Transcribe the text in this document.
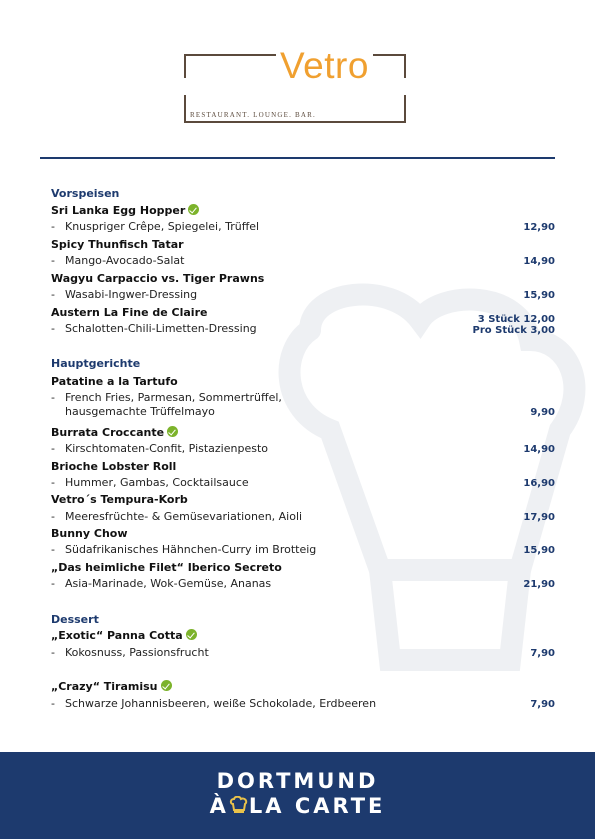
Vetro
RESTAURANT. LOUNGE. BAR.
Vorspeisen
Sri Lanka Egg Hopper
- Knuspriger Crêpe, Spiegelei, Trüffel	12,90
Spicy Thunfisch Tatar
- Mango-Avocado-Salat	14,90
Wagyu Carpaccio vs. Tiger Prawns
- Wasabi-Ingwer-Dressing	15,90
Austern La Fine de Claire
- Schalotten-Chili-Limetten-Dressing
3 Stück 12,00
Pro Stück 3,00
Hauptgerichte
Patatine a la Tartufo
- French Fries, Parmesan, Sommertrüffel,
hausgemachte Trüffelmayo	9,90
Burrata Croccante
- Kirschtomaten-Confit, Pistazienpesto	14,90
Brioche Lobster Roll
- Hummer, Gambas, Cocktailsauce	16,90
Vetro´s Tempura-Korb
- Meeresfrüchte- & Gemüsevariationen, Aioli	17,90
Bunny Chow
- Südafrikanisches Hähnchen-Curry im Brotteig	15,90
„Das heimliche Filet“ Iberico Secreto
- Asia-Marinade, Wok-Gemüse, Ananas	21,90
Dessert
„Exotic“ Panna Cotta
- Kokosnuss, Passionsfrucht	7,90
„Crazy“ Tiramisu
- Schwarze Johannisbeeren, weiße Schokolade, Erdbeeren	7,90
DORTMUND
À LA CARTE
